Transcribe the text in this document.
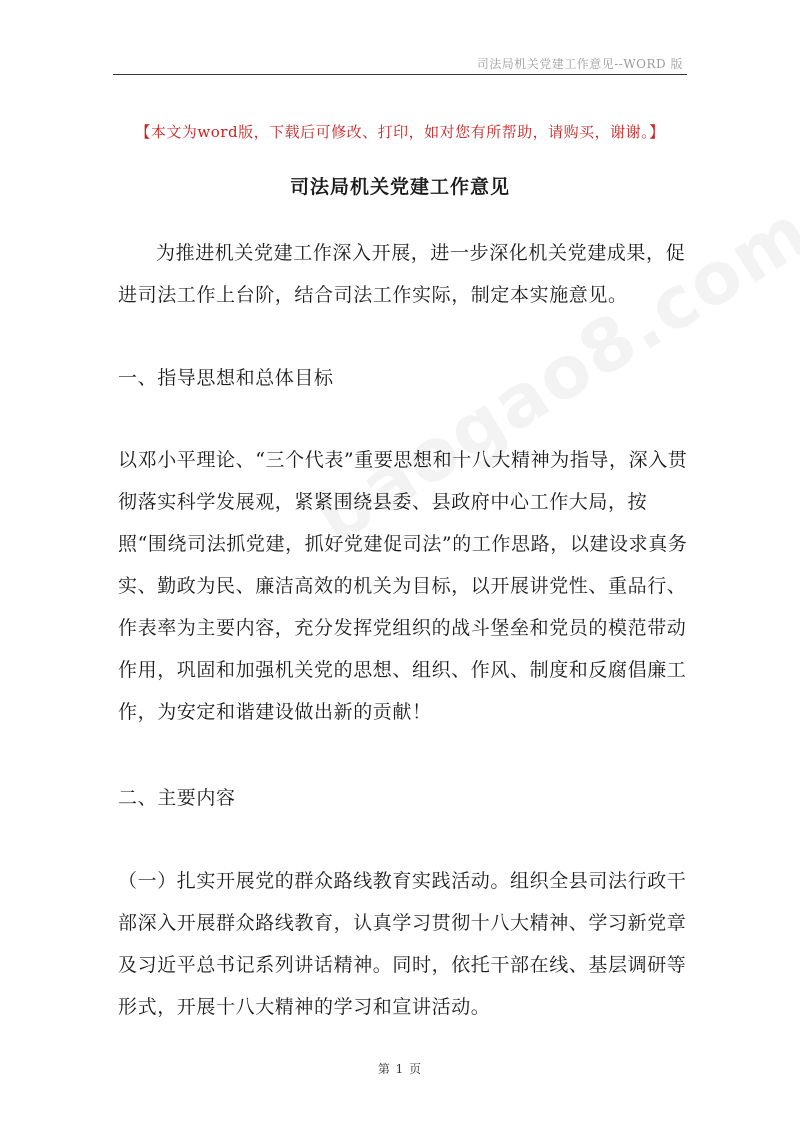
司法局机关党建工作意见--WORD 版
【本文为word版，下载后可修改、打印，如对您有所帮助，请购买，谢谢。】
司法局机关党建工作意见
为推进机关党建工作深入开展，进一步深化机关党建成果，促进司法工作上台阶，结合司法工作实际，制定本实施意见。
一、指导思想和总体目标
以邓小平理论、“三个代表”重要思想和十八大精神为指导，深入贯彻落实科学发展观，紧紧围绕县委、县政府中心工作大局，按照“围绕司法抓党建，抓好党建促司法”的工作思路，以建设求真务实、勤政为民、廉洁高效的机关为目标，以开展讲党性、重品行、作表率为主要内容，充分发挥党组织的战斗堡垒和党员的模范带动作用，巩固和加强机关党的思想、组织、作风、制度和反腐倡廉工作，为安定和谐建设做出新的贡献！
二、主要内容
（一）扎实开展党的群众路线教育实践活动。组织全县司法行政干部深入开展群众路线教育，认真学习贯彻十八大精神、学习新党章及习近平总书记系列讲话精神。同时，依托干部在线、基层调研等形式，开展十八大精神的学习和宣讲活动。
第 1 页
